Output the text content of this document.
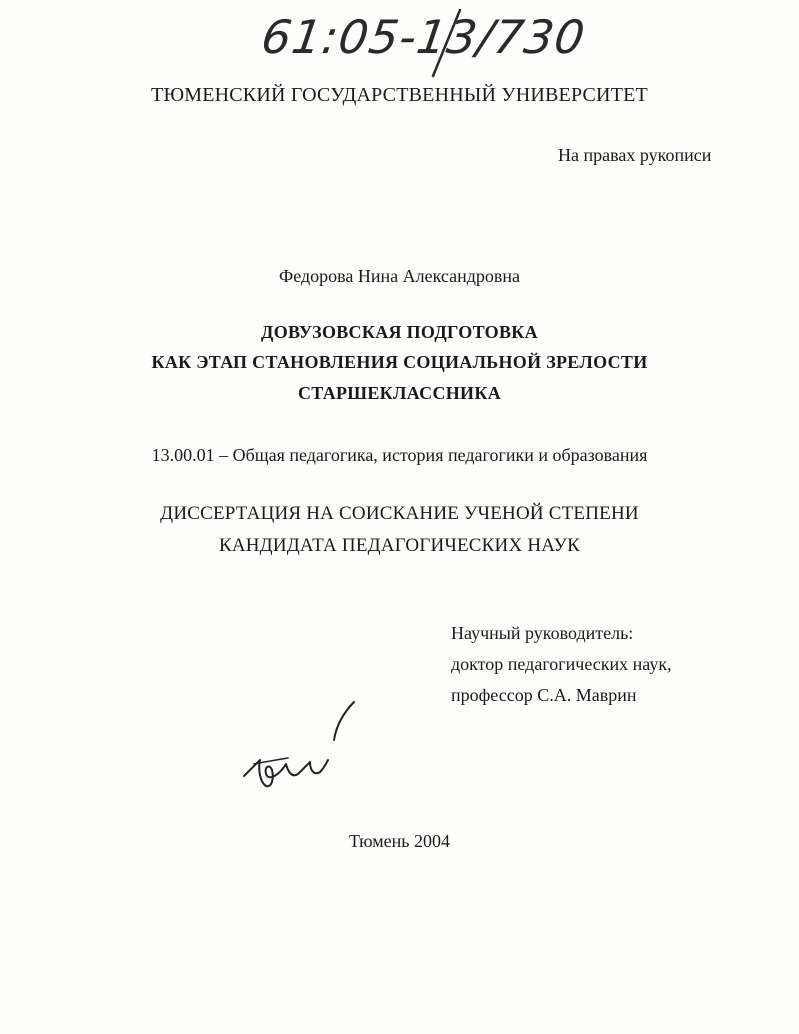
61:05-13/730
ТЮМЕНСКИЙ ГОСУДАРСТВЕННЫЙ УНИВЕРСИТЕТ
На правах рукописи
Федорова Нина Александровна
ДОВУЗОВСКАЯ ПОДГОТОВКА
КАК ЭТАП СТАНОВЛЕНИЯ СОЦИАЛЬНОЙ ЗРЕЛОСТИ
СТАРШЕКЛАССНИКА
13.00.01 – Общая педагогика, история педагогики и образования
ДИССЕРТАЦИЯ НА СОИСКАНИЕ УЧЕНОЙ СТЕПЕНИ
КАНДИДАТА ПЕДАГОГИЧЕСКИХ НАУК
Научный руководитель:
доктор педагогических наук,
профессор С.А. Маврин
Тюмень 2004
